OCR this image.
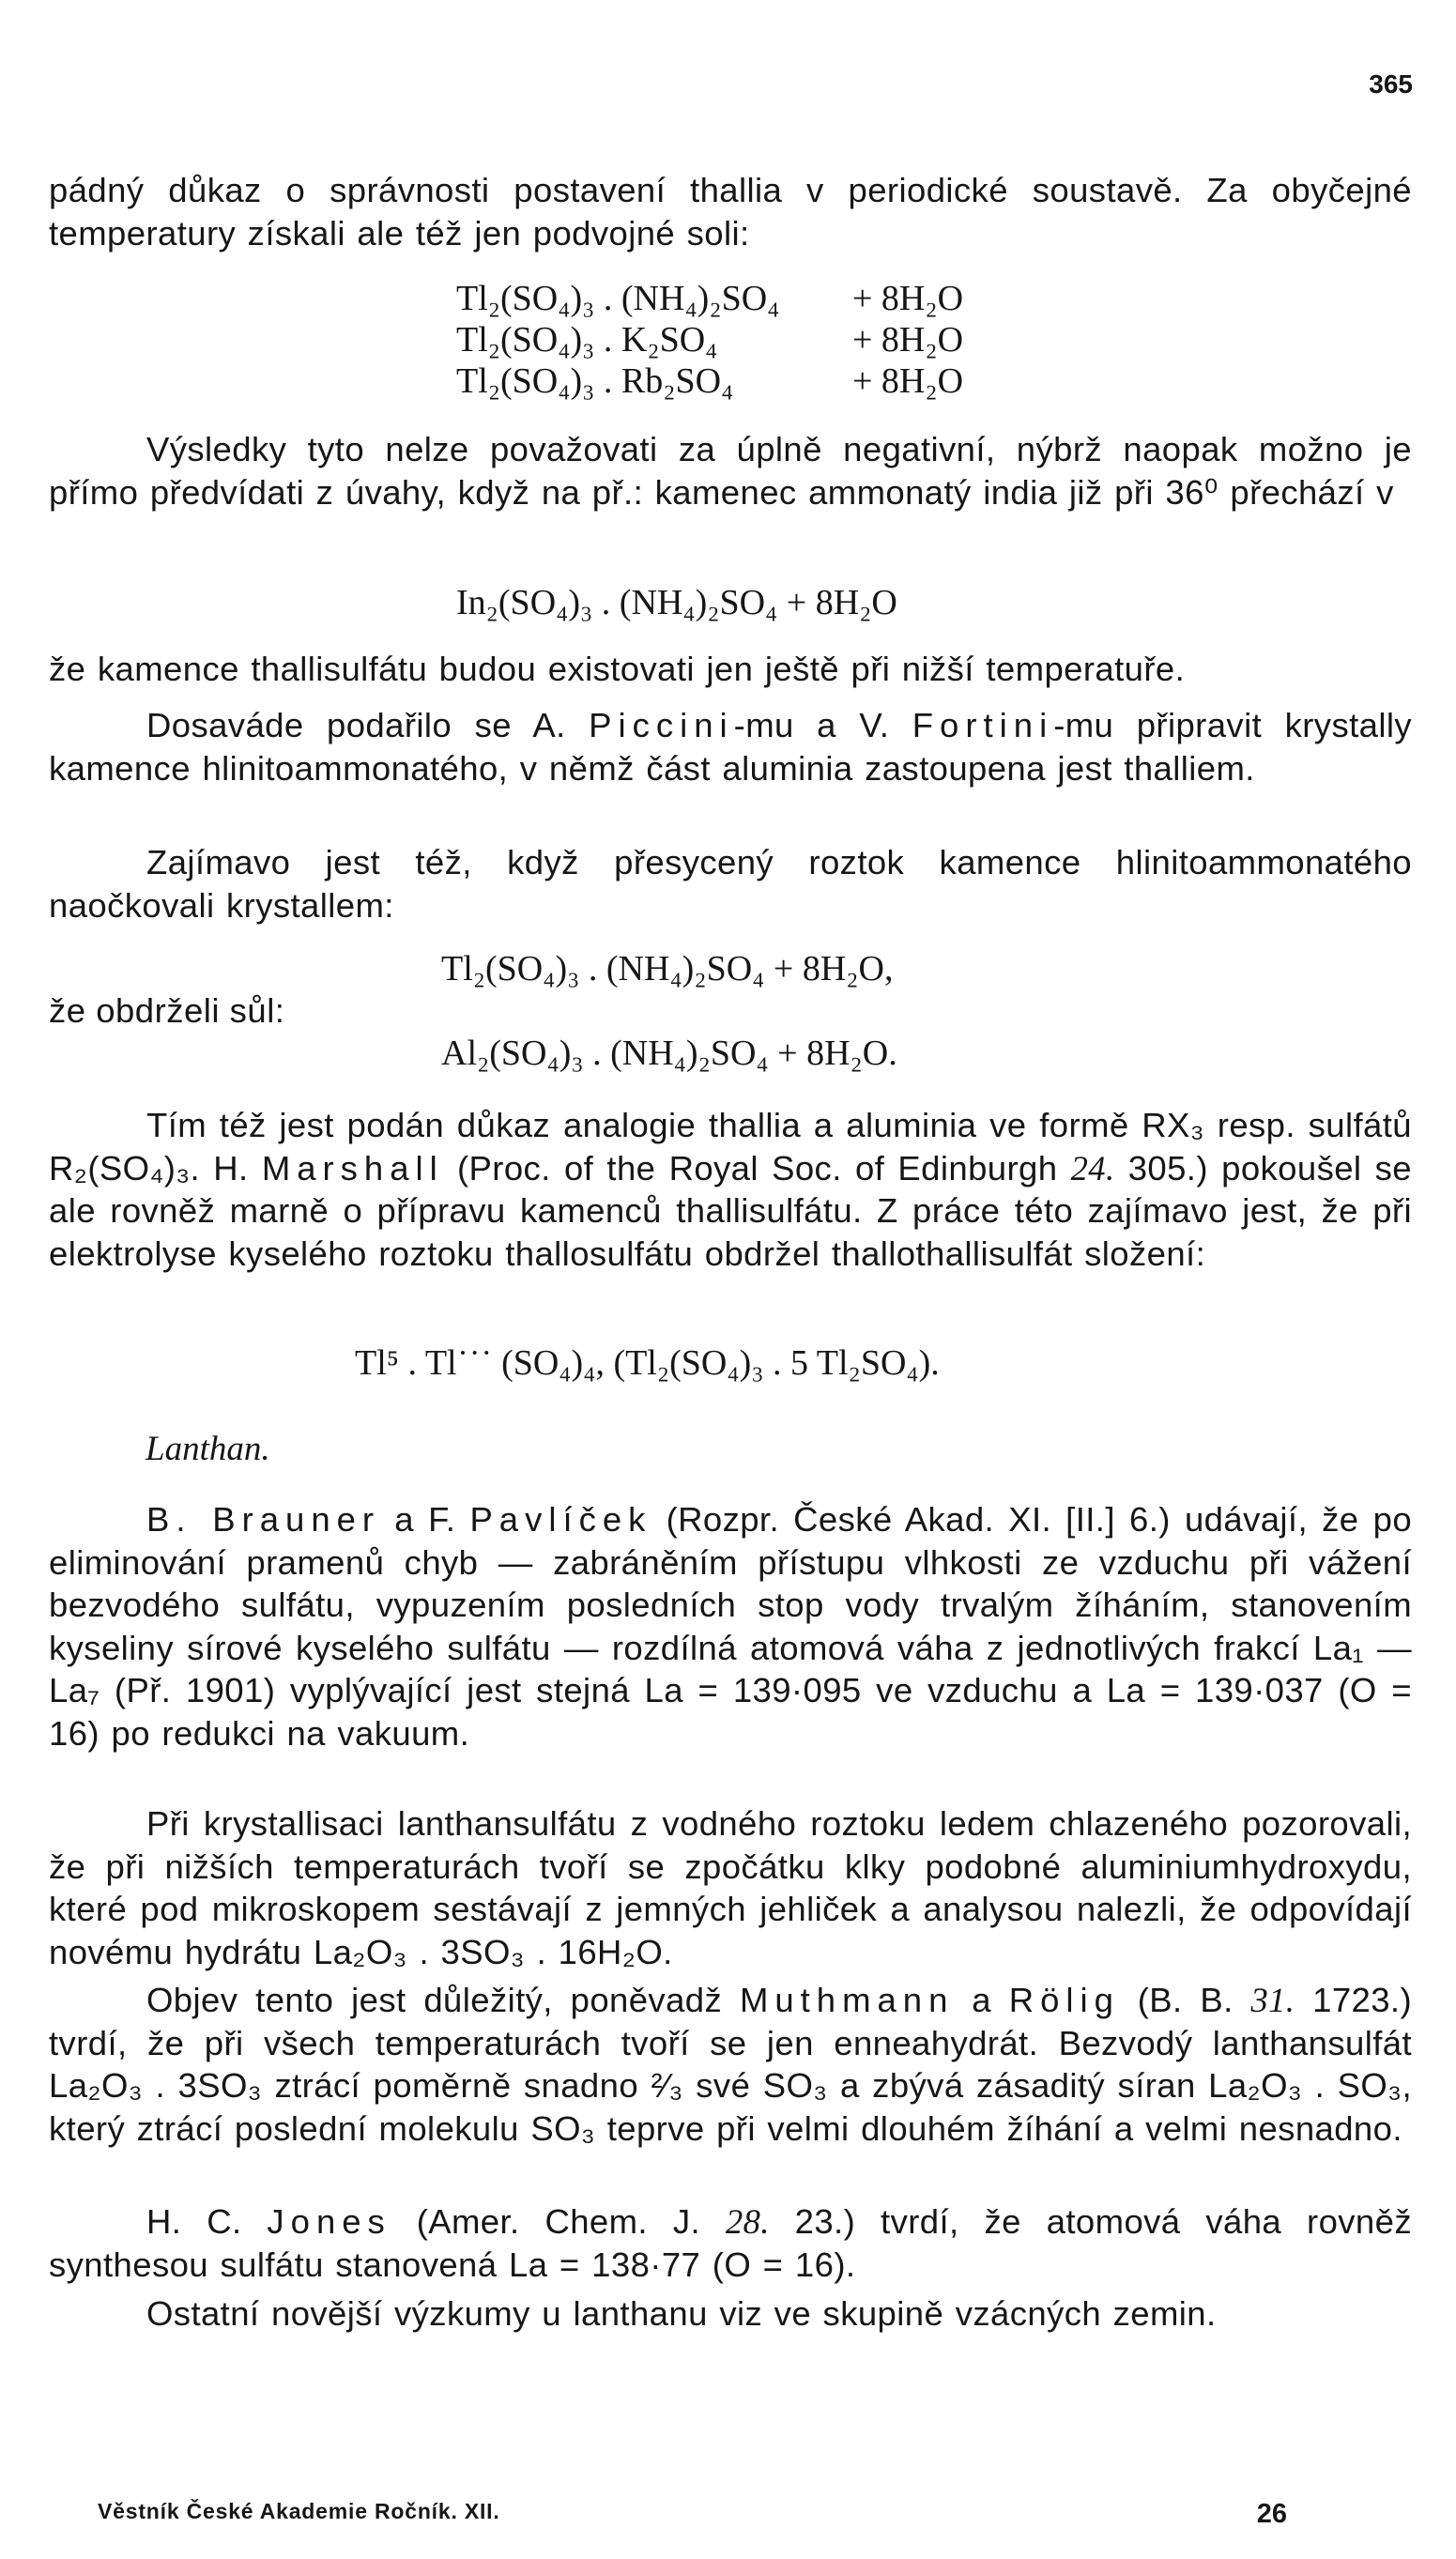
365
pádný důkaz o správnosti postavení thallia v periodické soustavě. Za obyčejné temperatury získali ale též jen podvojné soli:
Tl₂(SO₄)₃ . (NH₄)₂SO₄ + 8H₂O
Tl₂(SO₄)₃ . K₂SO₄	+ 8H₂O
Tl₂(SO₄)₃ . Rb₂SO₄	+ 8H₂O
Výsledky tyto nelze považovati za úplně negativní, nýbrž naopak možno je přímo předvídati z úvahy, když na př.: kamenec ammonatý india již při 36⁰ přechází v
In₂(SO₄)₃ . (NH₄)₂SO₄ + 8H₂O
že kamence thallisulfátu budou existovati jen ještě při nižší temperatuře.
Dosaváde podařilo se A. Piccini-mu a V. Fortini-mu připravit krystally kamence hlinitoammonatého, v němž část aluminia zastoupena jest thalliem.
Zajímavo jest též, když přesycený roztok kamence hlinitoammonatého naočkovali krystallem:
Tl₂(SO₄)₃ . (NH₄)₂SO₄ + 8H₂O,
že obdrželi sůl:
Al₂(SO₄)₃ . (NH₄)₂SO₄ + 8H₂O.
Tím též jest podán důkaz analogie thallia a aluminia ve formě RX₃ resp. sulfátů R₂(SO₄)₃. H. Marshall (Proc. of the Royal Soc. of Edinburgh 24. 305.) pokoušel se ale rovněž marně o přípravu kamenců thallisulfátu. Z práce této zajímavo jest, že při elektrolyse kyselého roztoku thallosulfátu obdržel thallothallisulfát složení:
Tl⁵ . Tl˙˙˙ (SO₄)₄, (Tl₂(SO₄)₃ . 5 Tl₂SO₄).
Lanthan.
B. Brauner a F. Pavlíček (Rozpr. České Akad. XI. [II.] 6.) udávají, že po eliminování pramenů chyb — zabráněním přístupu vlhkosti ze vzduchu při vážení bezvodého sulfátu, vypuzením posledních stop vody trvalým žíháním, stanovením kyseliny sírové kyselého sulfátu — rozdílná atomová váha z jednotlivých frakcí La₁ — La₇ (Př. 1901) vyplývající jest stejná La = 139·095 ve vzduchu a La = 139·037 (O = 16) po redukci na vakuum.
Při krystallisaci lanthansulfátu z vodného roztoku ledem chlazeného pozorovali, že při nižších temperaturách tvoří se zpočátku klky podobné aluminiumhydroxydu, které pod mikroskopem sestávají z jemných jehliček a analysou nalezli, že odpovídají novému hydrátu La₂O₃ . 3SO₃ . 16H₂O.
Objev tento jest důležitý, poněvadž Muthmann a Rölig (B. B. 31. 1723.) tvrdí, že při všech temperaturách tvoří se jen enneahydrát. Bezvodý lanthansulfát La₂O₃ . 3SO₃ ztrácí poměrně snadno ²⁄₃ své SO₃ a zbývá zásaditý síran La₂O₃ . SO₃, který ztrácí poslední molekulu SO₃ teprve při velmi dlouhém žíhání a velmi nesnadno.
H. C. Jones (Amer. Chem. J. 28. 23.) tvrdí, že atomová váha rovněž synthesou sulfátu stanovená La = 138·77 (O = 16).
Ostatní novější výzkumy u lanthanu viz ve skupině vzácných zemin.
Věstník České Akademie Ročník. XII.	26
